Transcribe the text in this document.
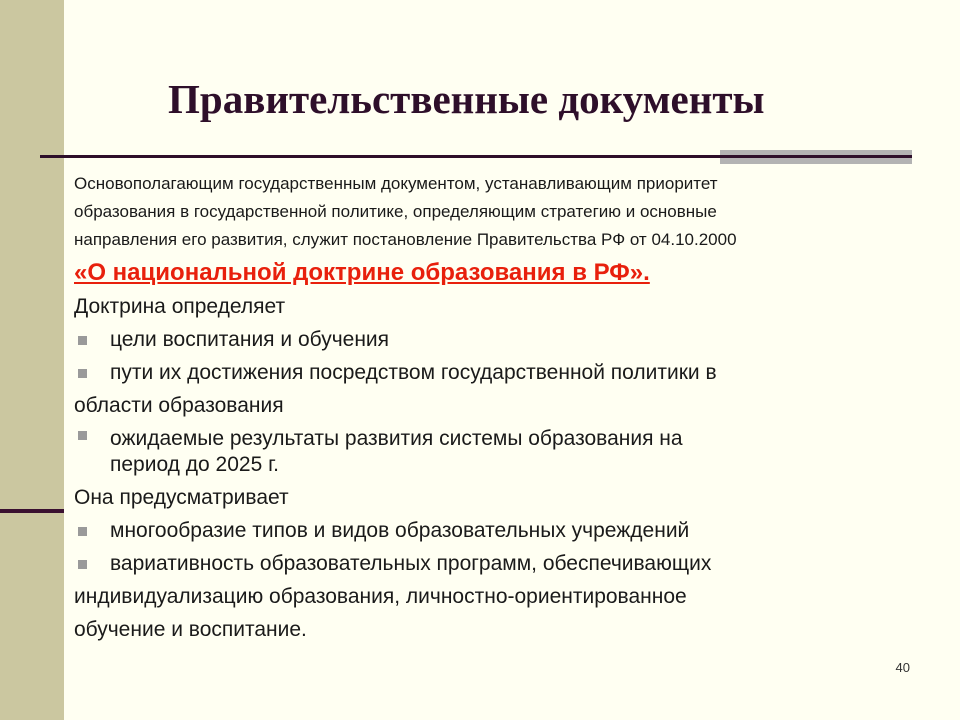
Правительственные документы

Основополагающим государственным документом, устанавливающим приоритет
образования в государственной политике, определяющим стратегию и основные
направления его развития, служит постановление Правительства РФ от 04.10.2000

«О национальной доктрине образования в РФ».
Доктрина определяет
цели воспитания и обучения
пути их достижения посредством государственной политики в
области образования
ожидаемые результаты развития системы образования на
период до 2025 г.
Она предусматривает
многообразие типов и видов образовательных учреждений
вариативность образовательных программ, обеспечивающих
индивидуализацию образования, личностно-ориентированное
обучение и воспитание.
40
